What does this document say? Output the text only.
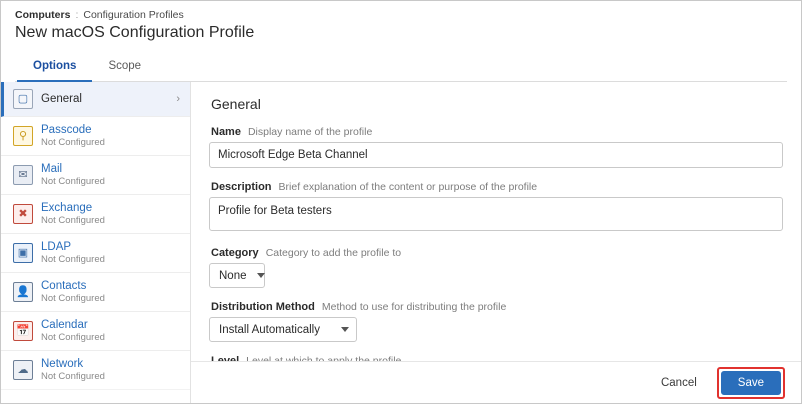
Computers : Configuration Profiles
New macOS Configuration Profile
Options	Scope
▢	General	›
⚲	Passcode
Not Configured
✉	Mail
Not Configured
✖	Exchange
Not Configured
▣	LDAP
Not Configured
👤 Contacts
Not Configured
📅 Calendar
Not Configured
☁	Network
Not Configured
General
Name Display name of the profile
Microsoft Edge Beta Channel
Description Brief explanation of the content or purpose of the profile
Profile for Beta testers
Category Category to add the profile to
None
Distribution Method Method to use for distributing the profile
Install Automatically
Cancel	Save
